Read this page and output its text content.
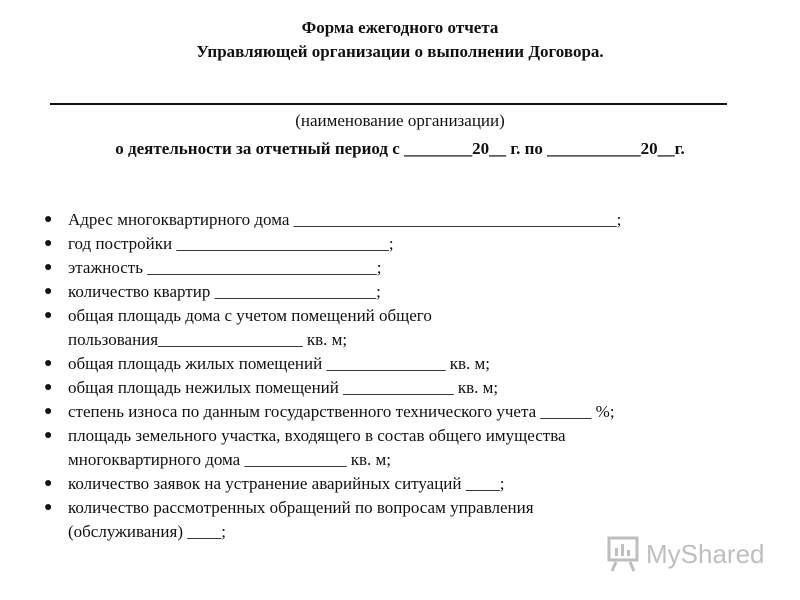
Форма ежегодного отчета
Управляющей организации о выполнении Договора.
(наименование организации)
о деятельности за отчетный период с ________20__ г. по ___________20__г.
● Адрес многоквартирного дома ______________________________________;
● год постройки _________________________;
● этажность ___________________________;
● количество квартир ___________________;
● общая площадь дома с учетом помещений общего
пользования_________________ кв. м;
● общая площадь жилых помещений ______________ кв. м;
● общая площадь нежилых помещений _____________ кв. м;
● степень износа по данным государственного технического учета ______ %;
● площадь земельного участка, входящего в состав общего имущества
многоквартирного дома ____________ кв. м;
● количество заявок на устранение аварийных ситуаций ____;
● количество рассмотренных обращений по вопросам управления
(обслуживания) ____;
MyShared
